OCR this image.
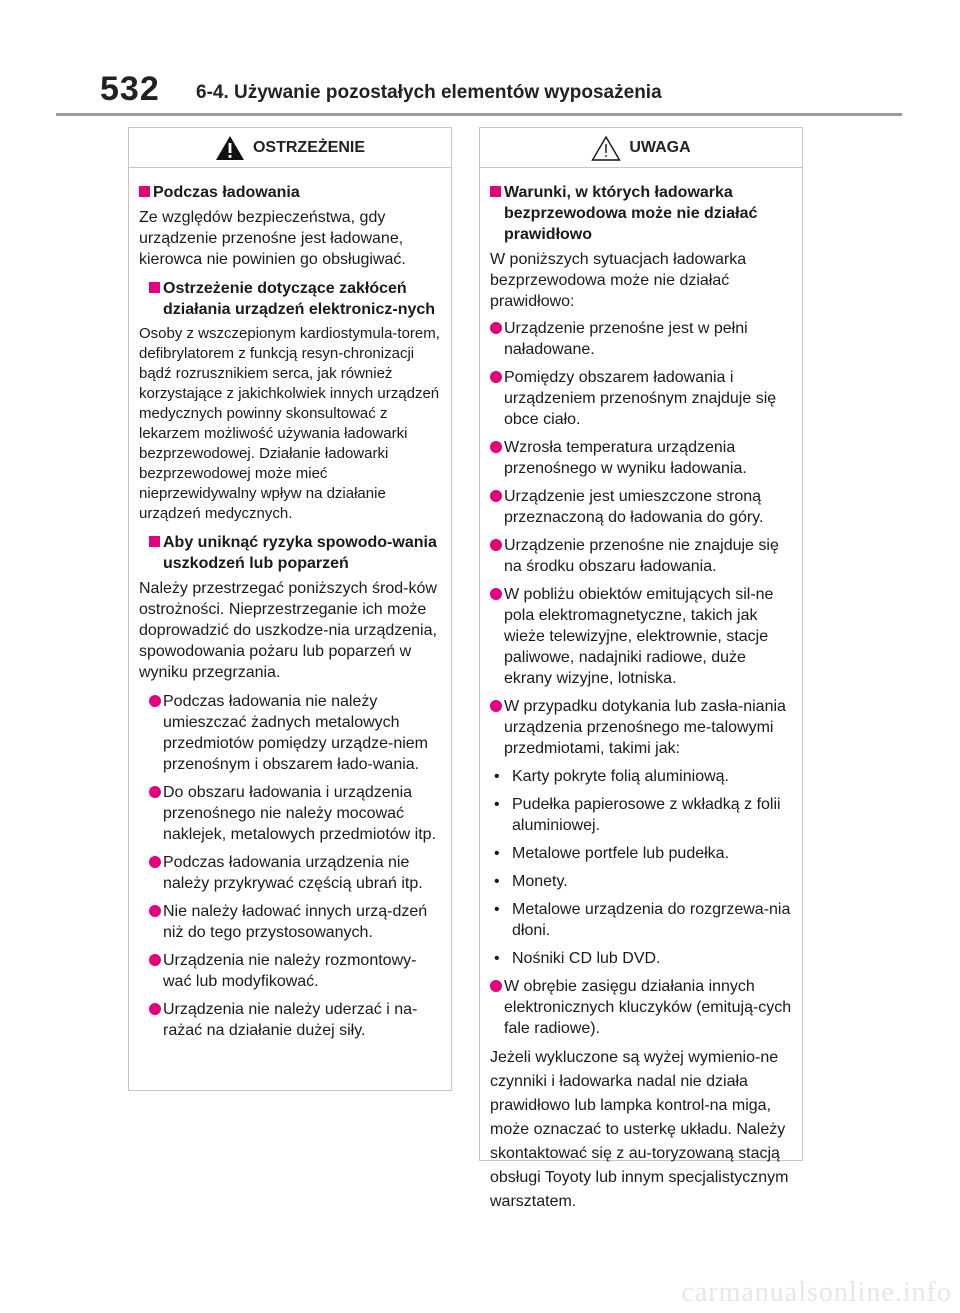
532 6-4. Używanie pozostałych elementów wyposażenia
OSTRZEŻENIE
Podczas ładowania
Ze względów bezpieczeństwa, gdy urządzenie przenośne jest ładowane, kierowca nie powinien go obsługiwać.
Ostrzeżenie dotyczące zakłóceń działania urządzeń elektronicz-nych
Osoby z wszczepionym kardiostymula-torem, defibrylatorem z funkcją resyn-chronizacji bądź rozrusznikiem serca, jak również korzystające z jakichkolwiek innych urządzeń medycznych powinny skonsultować z lekarzem możliwość używania ładowarki bezprzewodowej. Działanie ładowarki bezprzewodowej może mieć nieprzewidywalny wpływ na działanie urządzeń medycznych.
Aby uniknąć ryzyka spowodo-wania uszkodzeń lub poparzeń
Należy przestrzegać poniższych środ-ków ostrożności. Nieprzestrzeganie ich może doprowadzić do uszkodze-nia urządzenia, spowodowania pożaru lub poparzeń w wyniku przegrzania.
Podczas ładowania nie należy umieszczać żadnych metalowych przedmiotów pomiędzy urządze-niem przenośnym i obszarem łado-wania.
Do obszaru ładowania i urządzenia przenośnego nie należy mocować naklejek, metalowych przedmiotów itp.
Podczas ładowania urządzenia nie należy przykrywać częścią ubrań itp.
Nie należy ładować innych urzą-dzeń niż do tego przystosowanych.
Urządzenia nie należy rozmontowy-wać lub modyfikować.
Urządzenia nie należy uderzać i na-rażać na działanie dużej siły.
UWAGA
Warunki, w których ładowarka bezprzewodowa może nie działać prawidłowo
W poniższych sytuacjach ładowarka bezprzewodowa może nie działać prawidłowo:
Urządzenie przenośne jest w pełni naładowane.
Pomiędzy obszarem ładowania i urządzeniem przenośnym znajduje się obce ciało.
Wzrosła temperatura urządzenia przenośnego w wyniku ładowania.
Urządzenie jest umieszczone stroną przeznaczoną do ładowania do góry.
Urządzenie przenośne nie znajduje się na środku obszaru ładowania.
W pobliżu obiektów emitujących sil-ne pola elektromagnetyczne, takich jak wieże telewizyjne, elektrownie, stacje paliwowe, nadajniki radiowe, duże ekrany wizyjne, lotniska.
W przypadku dotykania lub zasła-niania urządzenia przenośnego me-talowymi przedmiotami, takimi jak:
• Karty pokryte folią aluminiową.
• Pudełka papierosowe z wkładką z folii aluminiowej.
• Metalowe portfele lub pudełka.
• Monety.
• Metalowe urządzenia do rozgrzewa-nia dłoni.
• Nośniki CD lub DVD.
W obrębie zasięgu działania innych elektronicznych kluczyków (emitują-cych fale radiowe).
Jeżeli wykluczone są wyżej wymienio-ne czynniki i ładowarka nadal nie działa prawidłowo lub lampka kontrol-na miga, może oznaczać to usterkę układu. Należy skontaktować się z au-toryzowaną stacją obsługi Toyoty lub innym specjalistycznym warsztatem.
carmanualsonline.info
